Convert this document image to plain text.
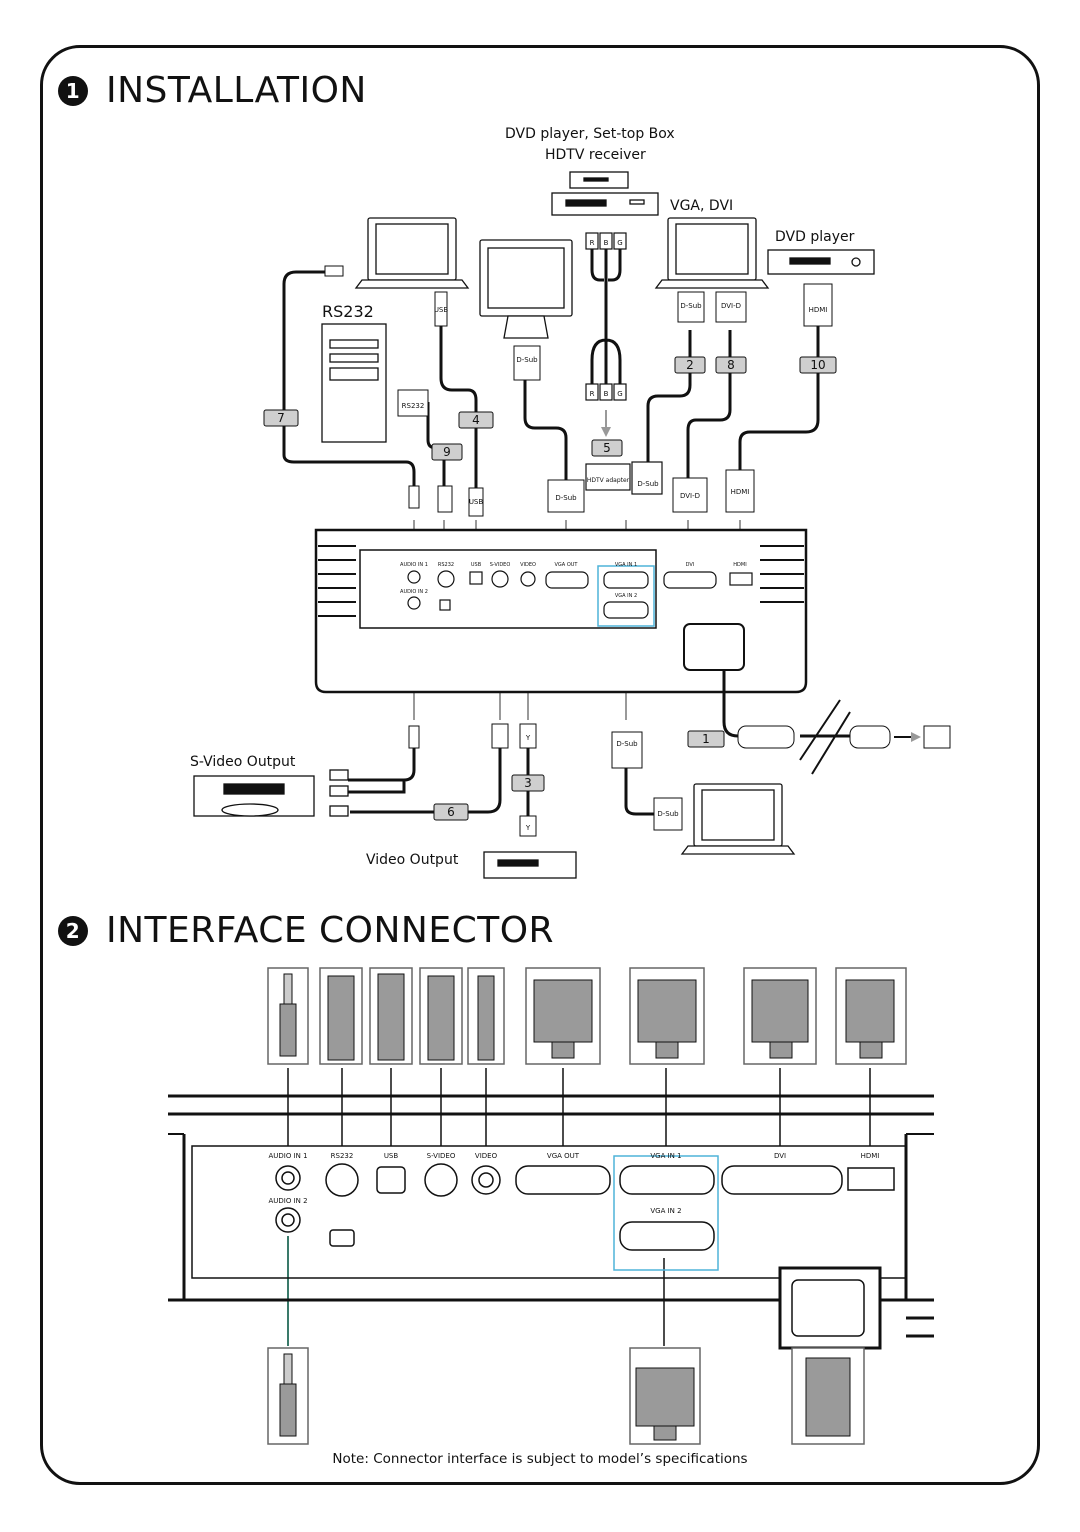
1 INSTALLATION
2 INTERFACE CONNECTOR
DVD player, Set-top Box
HDTV receiver
VGA, DVI
DVD player
RS232
S-Video Output
Video Output
1
2
3
4
5
6
7
8
9
10
D-Sub
D-Sub
D-Sub
D-Sub
D-Sub
D-Sub
DVI-D
DVI-D
HDMI
HDMI
RS232
HDTV adapter
R B G
R B G
Y
Y
USB
USB
AUDIO IN 1 RS232	USB S-VIDEO VIDEO	VGA OUT	VGA IN 1	DVI	HDMI
AUDIO IN 2
VGA IN 2
AUDIO IN 1	RS232	USB	S-VIDEO	VIDEO	VGA OUT	VGA IN 1	DVI	HDMI
AUDIO IN 2
VGA IN 2
Note: Connector interface is subject to model’s specifications
